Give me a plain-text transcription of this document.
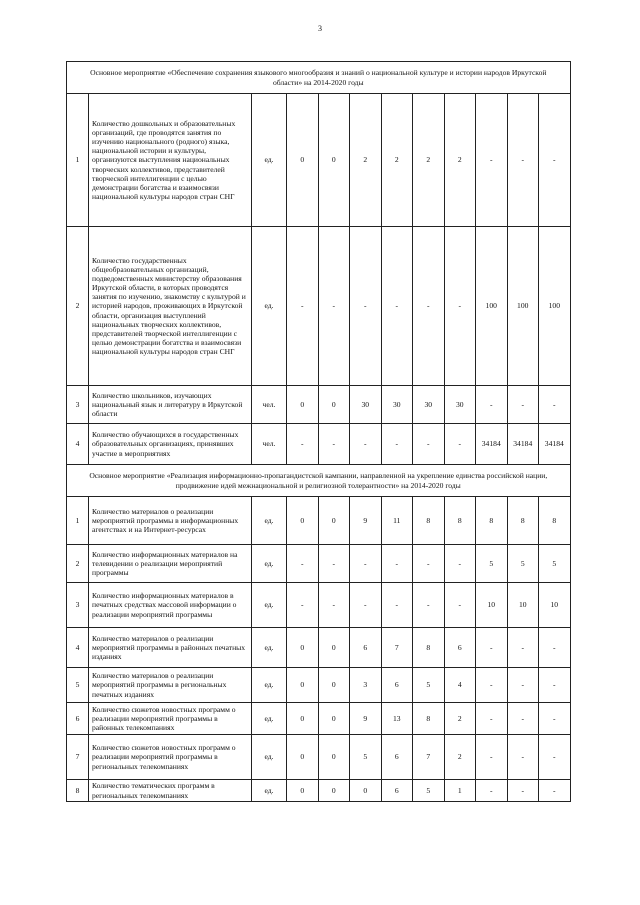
3
Основное мероприятие «Обеспечение сохранения языкового многообразия и знаний о национальной культуре и истории народов Иркутской области» на 2014-2020 годы											
1	Количество дошкольных и образовательных организаций, где проводятся занятия по изучению национального (родного) языка, национальной истории и культуры, организуются выступления национальных творческих коллективов, представителей творческой интеллигенции с целью демонстрации богатства и взаимосвязи национальной культуры народов стран СНГ	ед.	0	0	2	2	2	2	-	-	-
2	Количество государственных общеобразовательных организаций, подведомственных министерству образования Иркутской области, в которых проводятся занятия по изучению, знакомству с культурой и историей народов, проживающих в Иркутской области, организация выступлений национальных творческих коллективов, представителей творческой интеллигенции с целью демонстрации богатства и взаимосвязи национальной культуры народов стран СНГ	ед.	-	-	-	-	-	-	100	100	100
3	Количество школьников, изучающих национальный язык и литературу в Иркутской области	чел.	0	0	30	30	30	30	-	-	-
4	Количество обучающихся в государственных образовательных организациях, принявших участие в мероприятиях	чел.	-	-	-	-	-	-	34184	34184	34184
Основное мероприятие «Реализация информационно-пропагандистской кампании, направленной на укрепление единства российской нации, продвижение идей межнациональной и религиозной толерантности» на 2014-2020 годы											
1	Количество материалов о реализации мероприятий программы в информационных агентствах и на Интернет-ресурсах	ед.	0	0	9	11	8	8	8	8	8
2	Количество информационных материалов на телевидении о реализации мероприятий программы	ед.	-	-	-	-	-	-	5	5	5
3	Количество информационных материалов в печатных средствах массовой информации о реализации мероприятий программы	ед.	-	-	-	-	-	-	10	10	10
4	Количество материалов о реализации мероприятий программы в районных печатных изданиях	ед.	0	0	6	7	8	6	-	-	-
5	Количество материалов о реализации мероприятий программы в региональных печатных изданиях	ед.	0	0	3	6	5	4	-	-	-
6	Количество сюжетов новостных программ о реализации мероприятий программы в районных телекомпаниях	ед.	0	0	9	13	8	2	-	-	-
7	Количество сюжетов новостных программ о реализации мероприятий программы в региональных телекомпаниях	ед.	0	0	5	6	7	2	-	-	-
8	Количество тематических программ в региональных телекомпаниях	ед.	0	0	0	6	5	1	-	-	-
